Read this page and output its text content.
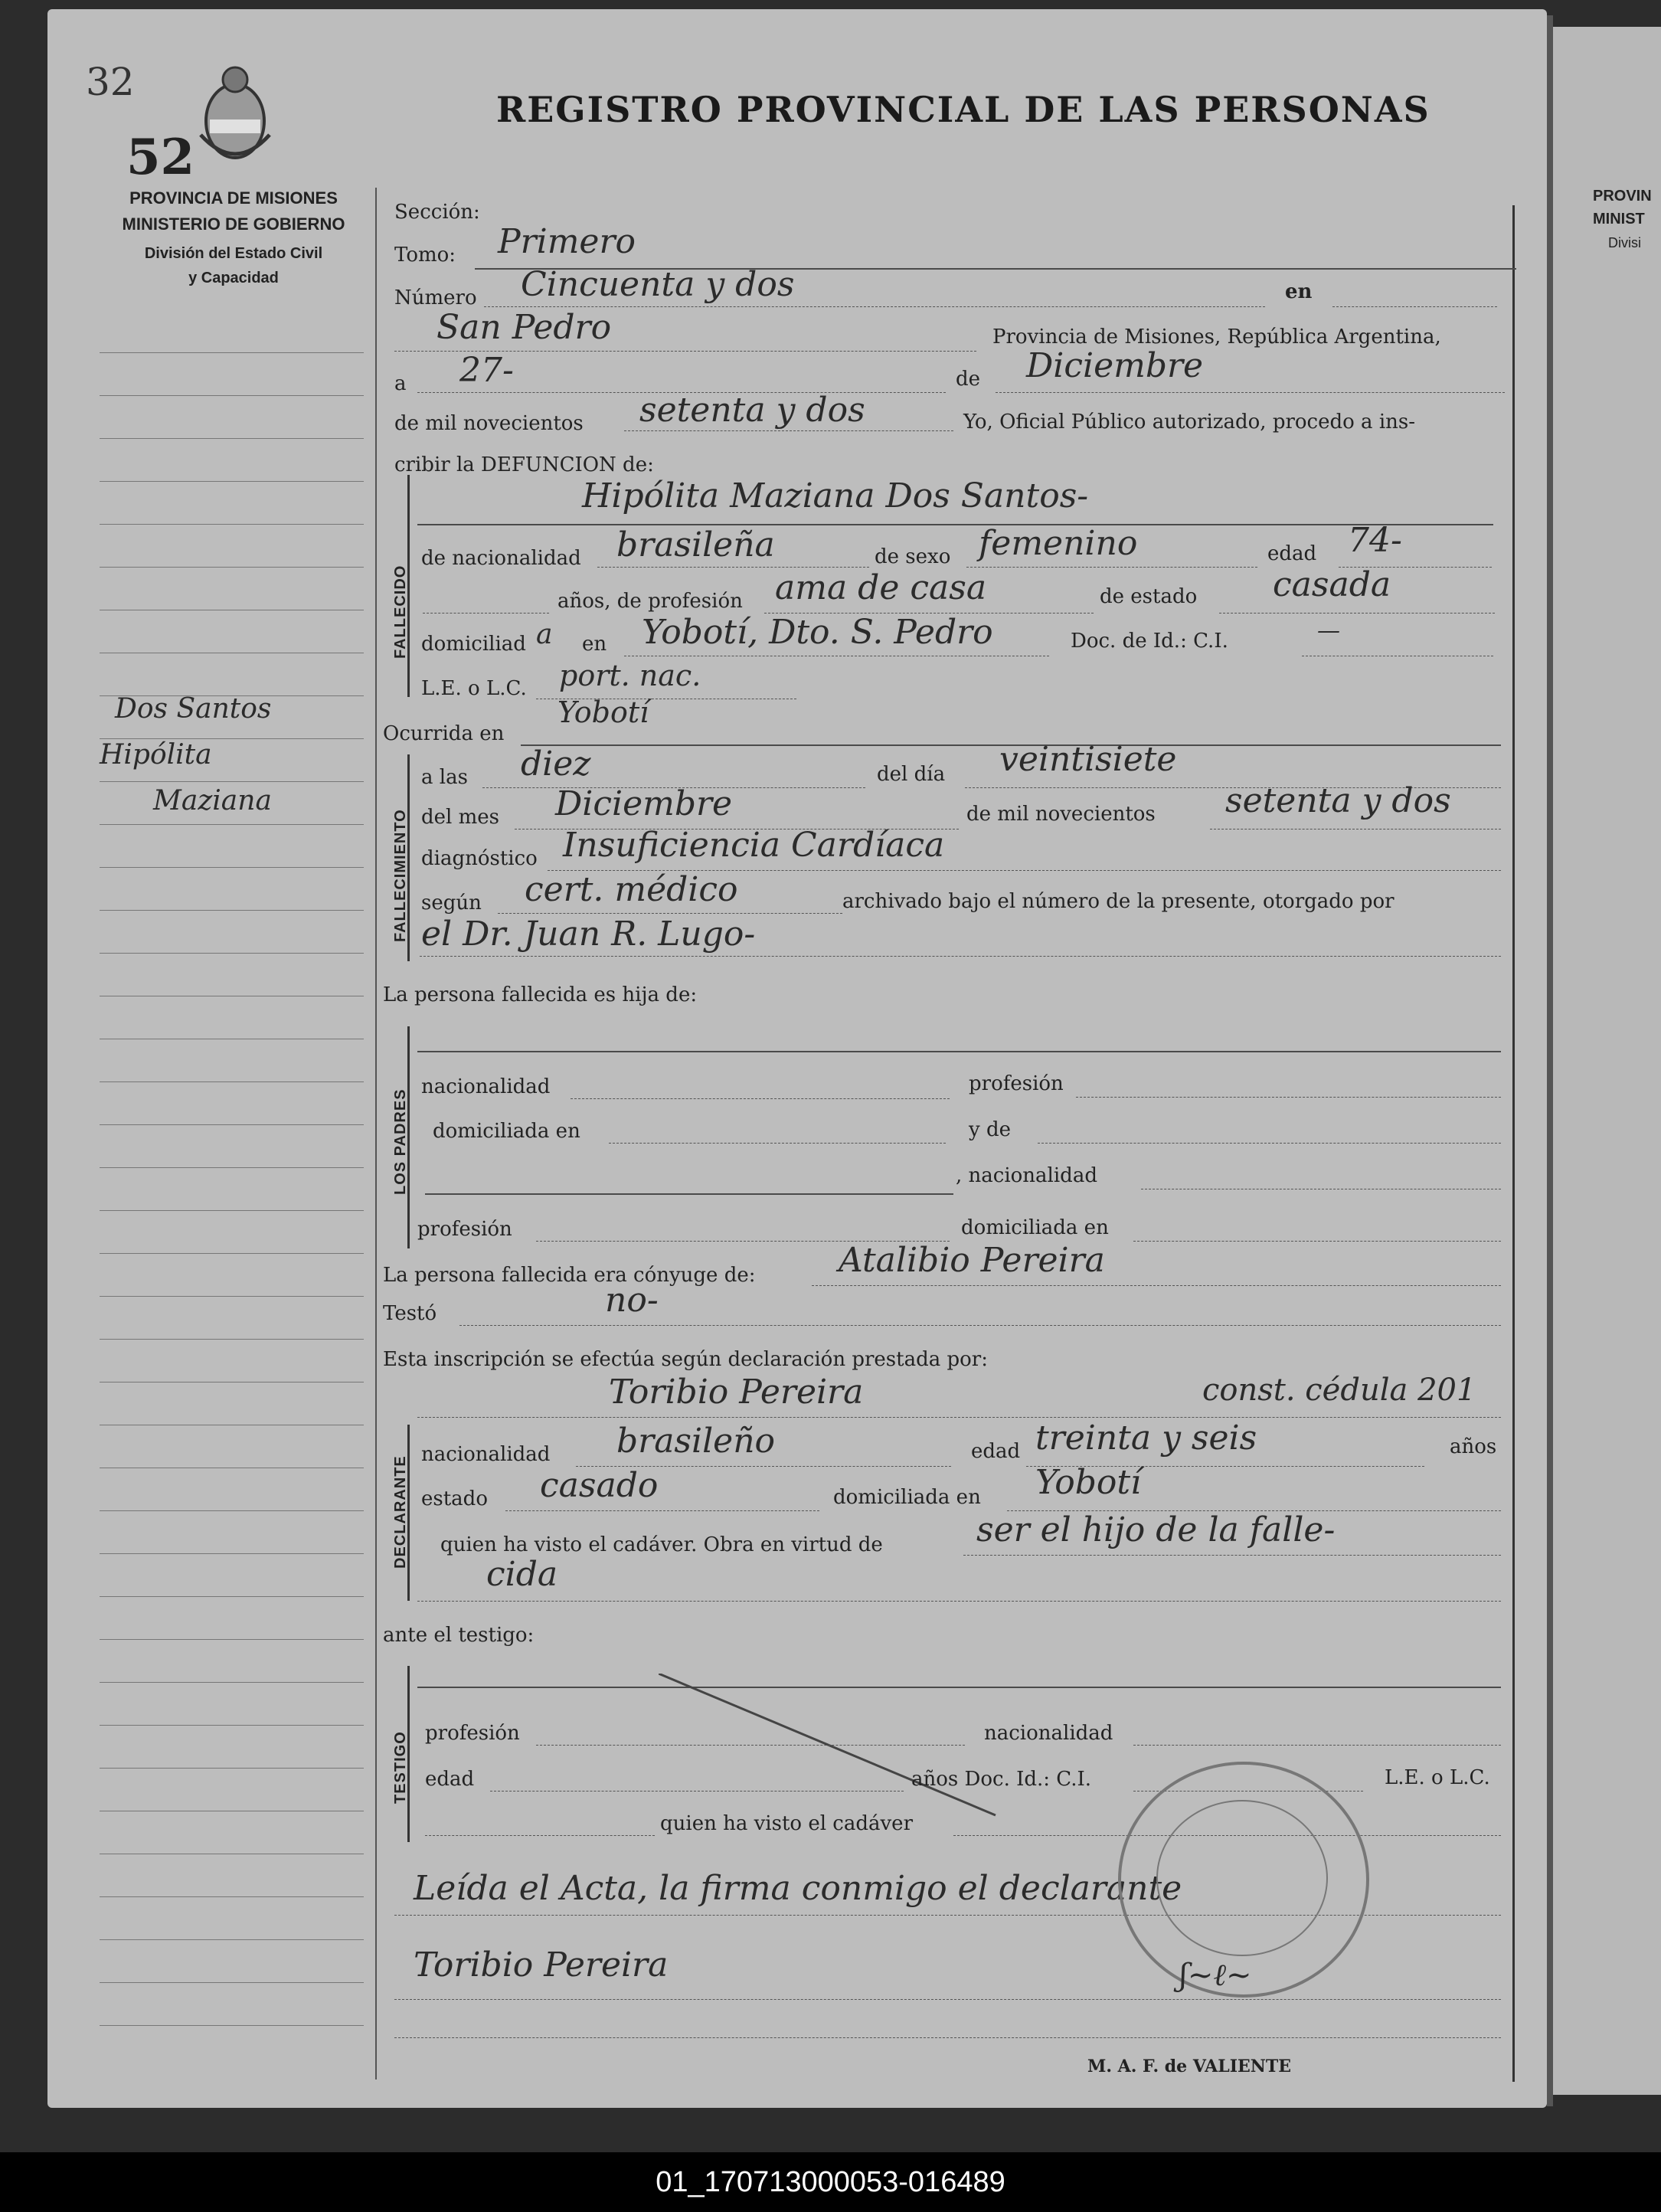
PROVIN
MINIST
Divisi
32
52
REGISTRO PROVINCIAL DE LAS PERSONAS
PROVINCIA DE MISIONES
MINISTERIO DE GOBIERNO
División del Estado Civil
y Capacidad
Dos Santos
Hipólita
Maziana
Sección:
Tomo: Primero
Número Cincuenta y dos	en
San Pedro	Provincia de Misiones, República Argentina,
a 27-	de Diciembre
de mil novecientos setenta y dos	Yo, Oficial Público autorizado, procedo a ins-
cribir la DEFUNCION de:
FALLECIDO
Hipólita Maziana Dos Santos-
de nacionalidad brasileña	de sexo femenino	edad 74-
años, de profesión ama de casa	de estado casada
domiciliad a en Yobotí, Dto. S. Pedro	Doc. de Id.: C.I.	—
L.E. o L.C. port. nac.
Ocurrida en
Yobotí
FALLECIMIENTO
a las diez	del día veintisiete
del mes Diciembre	de mil novecientos setenta y dos
diagnóstico Insuficiencia Cardíaca
según cert. médico	archivado bajo el número de la presente, otorgado por
el Dr. Juan R. Lugo-
La persona fallecida es hija de:
LOS PADRES
nacionalidad	profesión
domiciliada en	y de
, nacionalidad
profesión	domiciliada en
La persona fallecida era cónyuge de: Atalibio Pereira
Testó	no-
Esta inscripción se efectúa según declaración prestada por:
Toribio Pereira	const. cédula 201
DECLARANTE
nacionalidad brasileño	edad treinta y seis	años
estado casado	domiciliada en Yobotí
quien ha visto el cadáver. Obra en virtud de	ser el hijo de la falle-
cida
ante el testigo:
TESTIGO profesión	nacionalidad
edad	años Doc. Id.: C.I.	L.E. o L.C.
quien ha visto el cadáver
Leída el Acta, la firma conmigo el declarante
Toribio Pereira	ʃ~ℓ~
M. A. F. de VALIENTE
01_170713000053-016489
